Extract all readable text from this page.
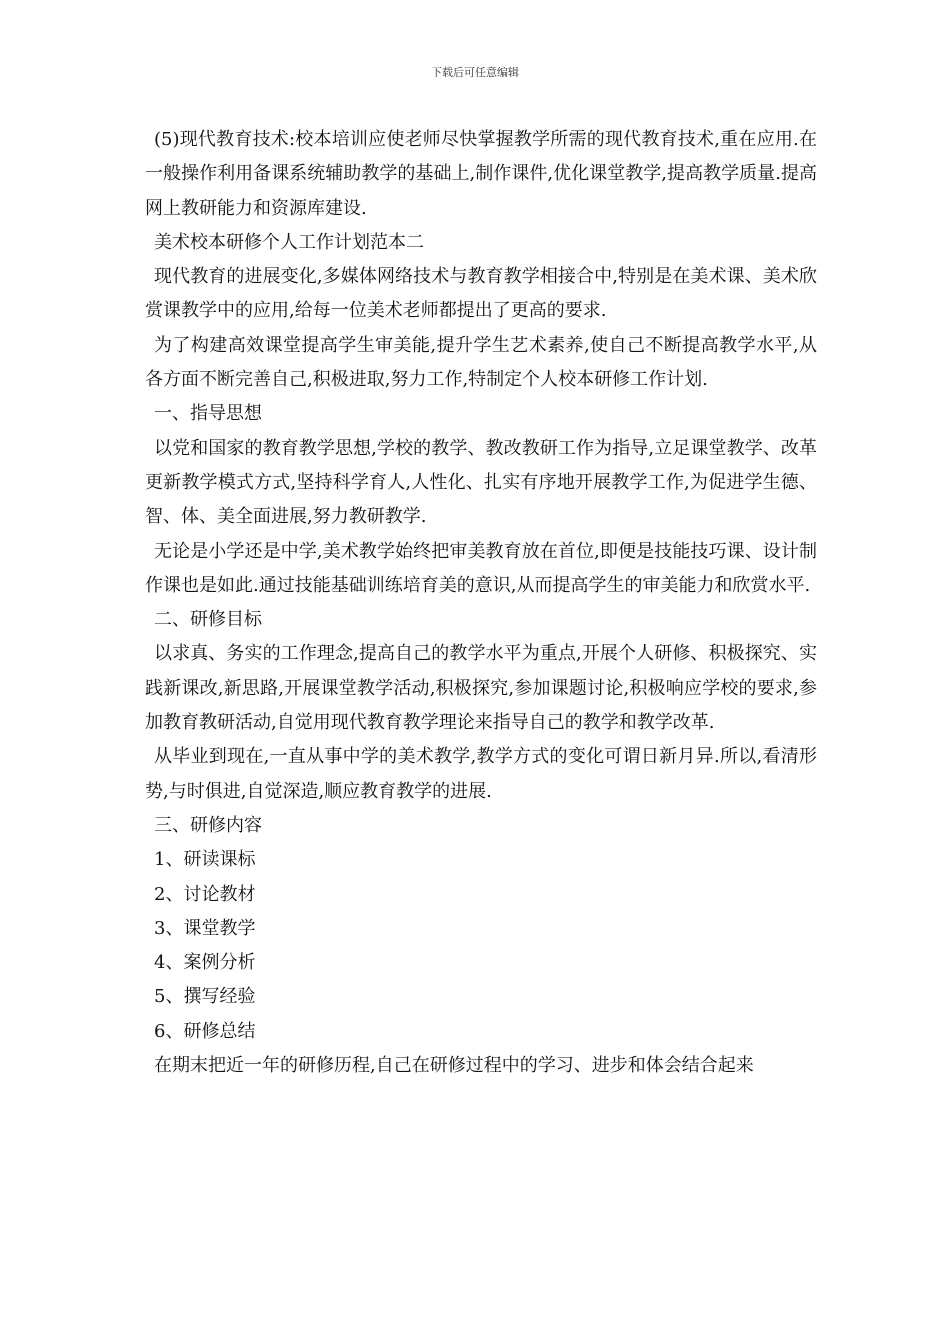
下载后可任意编辑

(5)现代教育技术:校本培训应使老师尽快掌握教学所需的现代教育技术,重在应用.在一般操作利用备课系统辅助教学的基础上,制作课件,优化课堂教学,提高教学质量.提高网上教研能力和资源库建设.

美术校本研修个人工作计划范本二

现代教育的进展变化,多媒体网络技术与教育教学相接合中,特别是在美术课、美术欣赏课教学中的应用,给每一位美术老师都提出了更高的要求.

为了构建高效课堂提高学生审美能,提升学生艺术素养,使自己不断提高教学水平,从各方面不断完善自己,积极进取,努力工作,特制定个人校本研修工作计划.

一、指导思想

以党和国家的教育教学思想,学校的教学、教改教研工作为指导,立足课堂教学、改革更新教学模式方式,坚持科学育人,人性化、扎实有序地开展教学工作,为促进学生德、智、体、美全面进展,努力教研教学.

无论是小学还是中学,美术教学始终把审美教育放在首位,即便是技能技巧课、设计制作课也是如此.通过技能基础训练培育美的意识,从而提高学生的审美能力和欣赏水平.

二、研修目标

以求真、务实的工作理念,提高自己的教学水平为重点,开展个人研修、积极探究、实践新课改,新思路,开展课堂教学活动,积极探究,参加课题讨论,积极响应学校的要求,参加教育教研活动,自觉用现代教育教学理论来指导自己的教学和教学改革.

从毕业到现在,一直从事中学的美术教学,教学方式的变化可谓日新月异.所以,看清形势,与时俱进,自觉深造,顺应教育教学的进展.

三、研修内容

1、研读课标

2、讨论教材

3、课堂教学

4、案例分析

5、撰写经验

6、研修总结

在期末把近一年的研修历程,自己在研修过程中的学习、进步和体会结合起来
